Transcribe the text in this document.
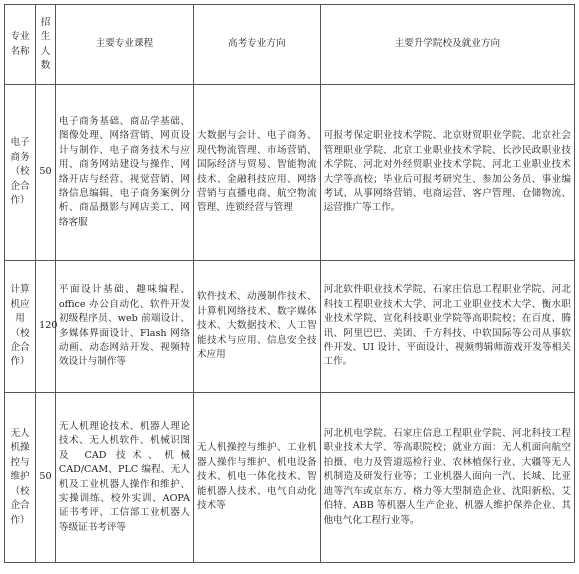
专业名称	招生人数	主要专业课程	高考专业方向	主要升学院校及就业方向
电子商务（校企合作）	50	电子商务基础、商品学基础、图像处理、网络营销、网页设计与制作、电子商务技术与应用、商务网站建设与操作、网络开店与经营、视觉营销、网络信息编辑、电子商务案例分析、商品摄影与网店美工、网络客服	大数据与会计、电子商务、现代物流管理、市场营销、国际经济与贸易、智能物流技术、金融科技应用、网络营销与直播电商、航空物流管理、连锁经营与管理	可报考保定职业技术学院、北京财贸职业学院、北京社会管理职业学院、北京工业职业技术学院、长沙民政职业技术学院、河北对外经贸职业技术学院、河北工业职业技术大学等高校；毕业后可报考研究生、参加公务员、事业编考试、从事网络营销、电商运营、客户管理、仓储物流、运营推广等工作。
计算机应用（校企合作）	120	平面设计基础、趣味编程、office 办公自动化、软件开发初级程序员、web 前端设计、多媒体界面设计、Flash 网络动画、动态网站开发、视频特效设计与制作等	软件技术、动漫制作技术、计算机网络技术、数字媒体技术、大数据技术、人工智能技术与应用、信息安全技术应用	河北软件职业技术学院、石家庄信息工程职业学院、河北科技工程职业技术大学、河北工业职业技术大学、衡水职业技术学院、宣化科技职业学院等高职院校；在百度、腾讯、阿里巴巴、美团、千方科技、中软国际等公司从事软件开发、UI 设计、平面设计、视频剪辑师游戏开发等相关工作。
无人机操控与维护（校企合作）	50	无人机理论技术、机器人理论技术、无人机软件、机械识图及 CAD 技术、机械 CAD/CAM、PLC 编程、无人机及工业机器人操作和维护、实操训练、校外实训、AOPA 证书考评、工信部工业机器人等级证书考评等	无人机操控与维护、工业机器人操作与维护、机电设备技术、机电一体化技术、智能机器人技术、电气自动化技术等	河北机电学院、石家庄信息工程职业学院、河北科技工程职业技术大学、等高职院校；就业方面：无人机面向航空拍摄、电力及管道巡检行业、农林植保行业、大疆等无人机制造及研发行业等；工业机器人面向一汽、长城、比亚迪等汽车或京东方、格力等大型制造企业、沈阳新松、艾伯特、ABB 等机器人生产企业、机器人维护保养企业、其他电气化工程行业等。
